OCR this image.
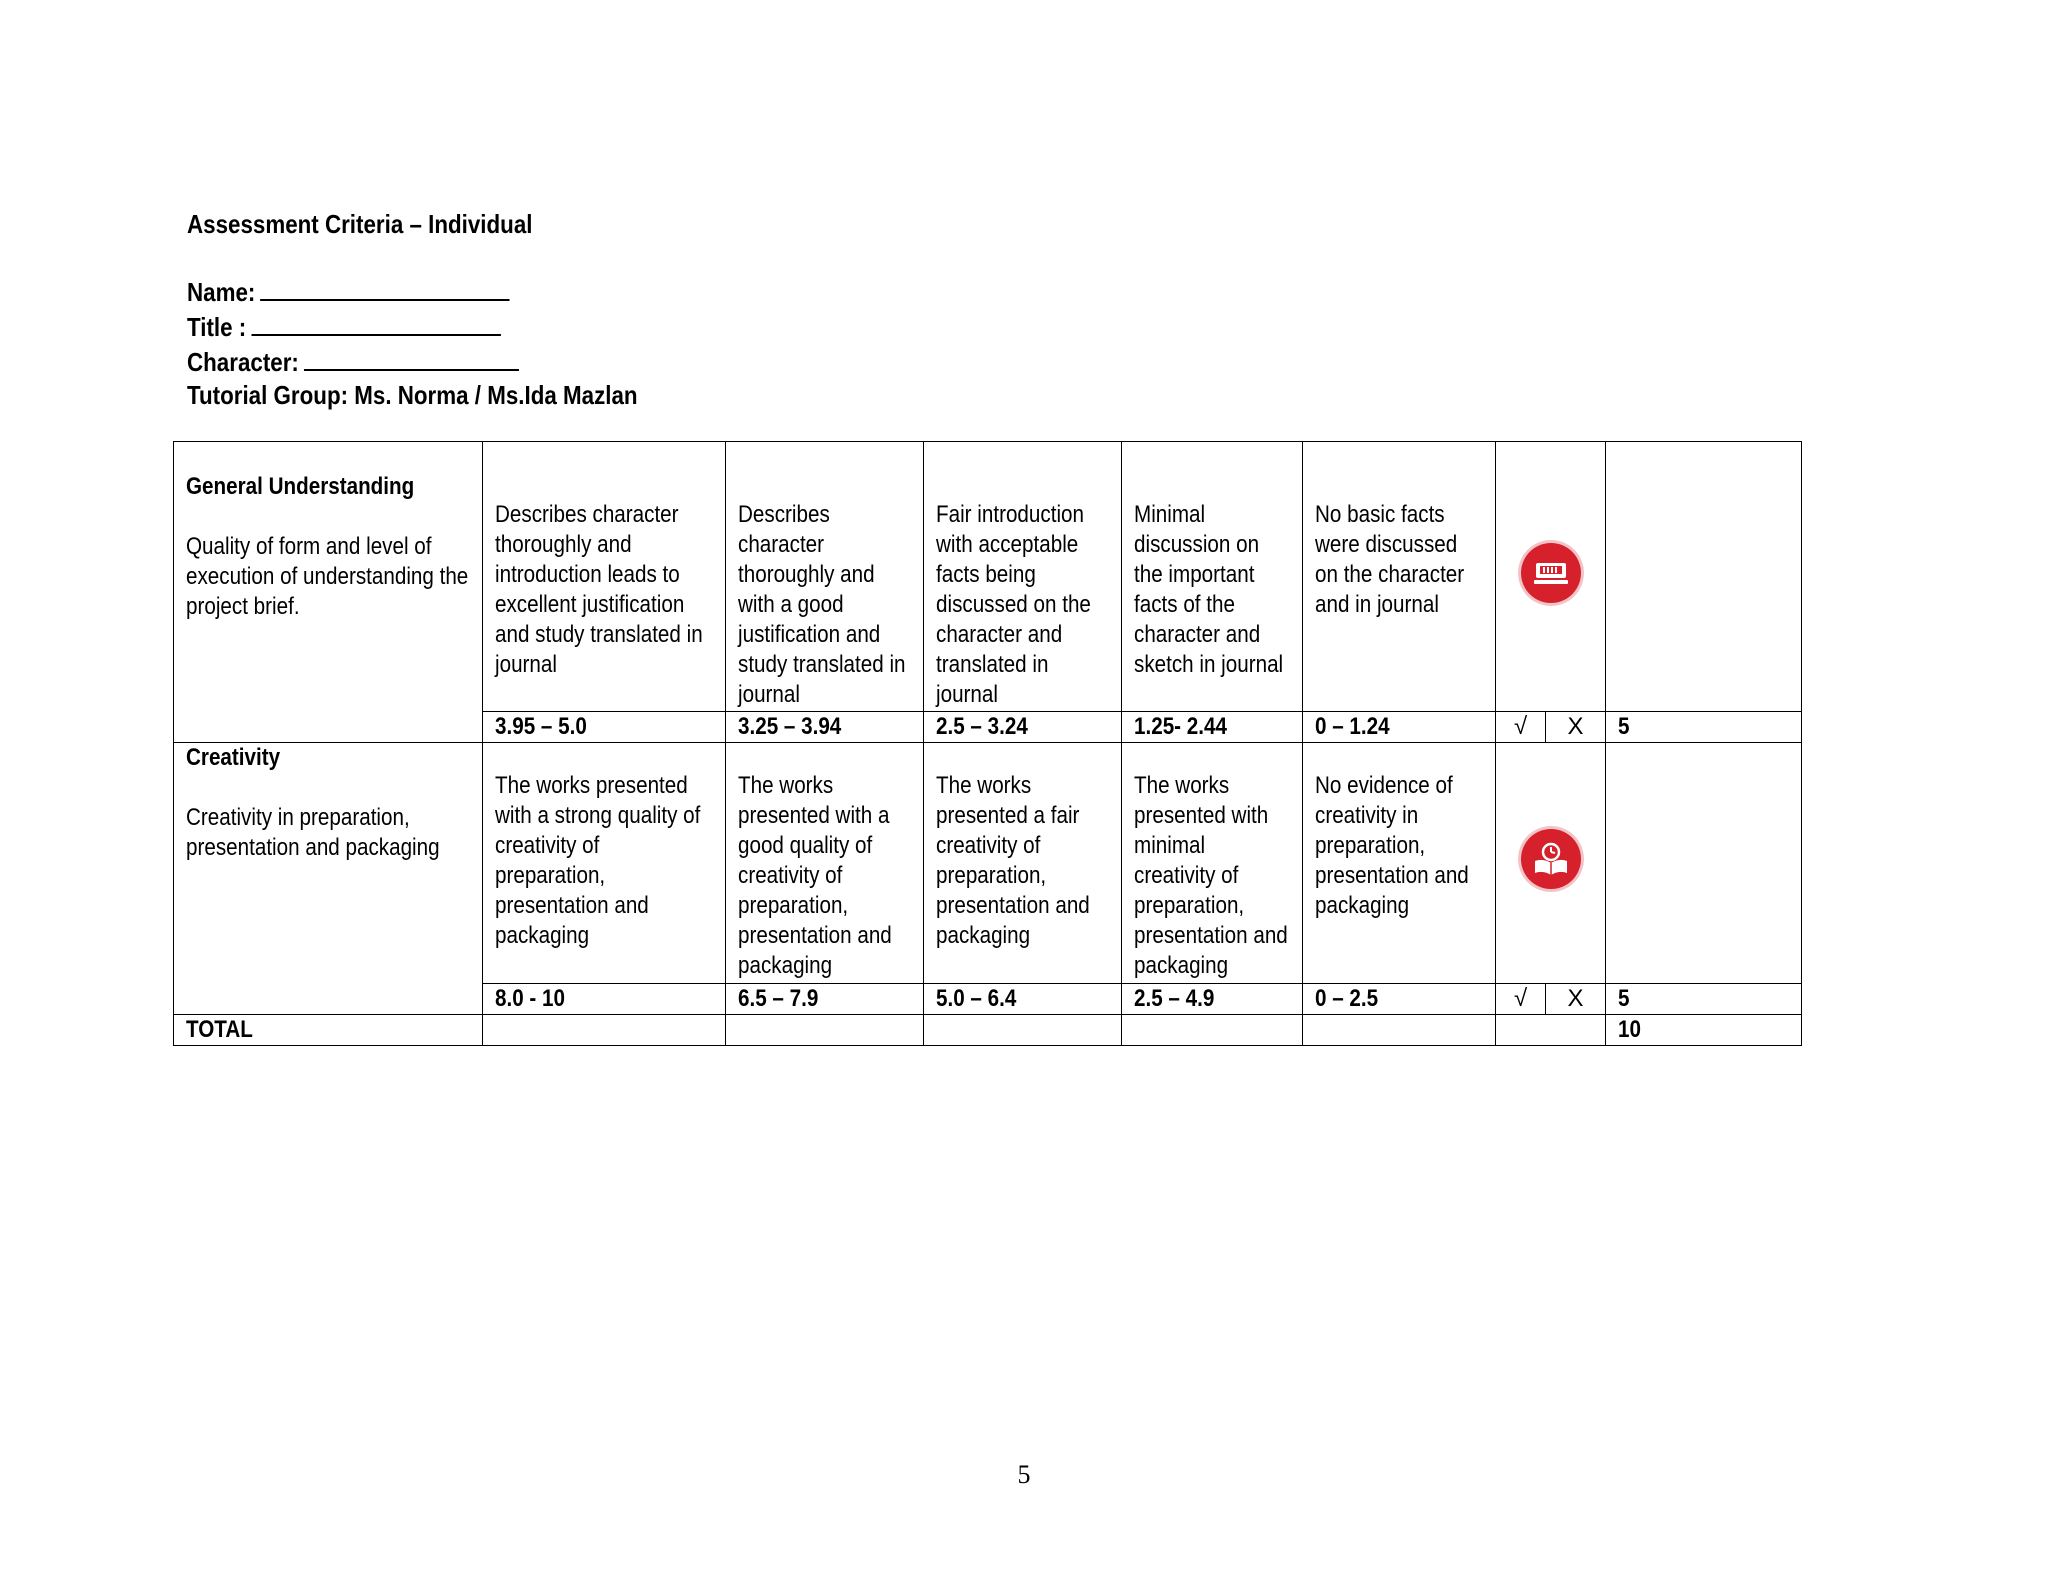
Assessment Criteria – Individual
Name:
Title :
Character:
Tutorial Group: Ms. Norma / Ms.Ida Mazlan
General Understanding
Quality of form and level of execution of understanding the project brief.	Describes character thoroughly and introduction leads to excellent justification and study translated in journal	Describes character thoroughly and with a good justification and study translated in journal	Fair introduction with acceptable facts being discussed on the character and translated in journal	Minimal discussion on the important facts of the character and sketch in journal	No basic facts were discussed on the character and in journal

	3.95 – 5.0	3.25 – 3.94	2.5 – 3.24	1.25- 2.44	0 – 1.24	√ X	5

Creativity
Creativity in preparation, presentation and packaging	The works presented with a strong quality of creativity of preparation, presentation and packaging	The works presented with a good quality of creativity of preparation, presentation and packaging	The works presented a fair creativity of preparation, presentation and packaging	The works presented with minimal creativity of preparation, presentation and packaging	No evidence of creativity in preparation, presentation and packaging

	8.0 - 10	6.5 – 7.9	5.0 – 6.4	2.5 – 4.9	0 – 2.5	√ X	5

TOTAL							10
5
